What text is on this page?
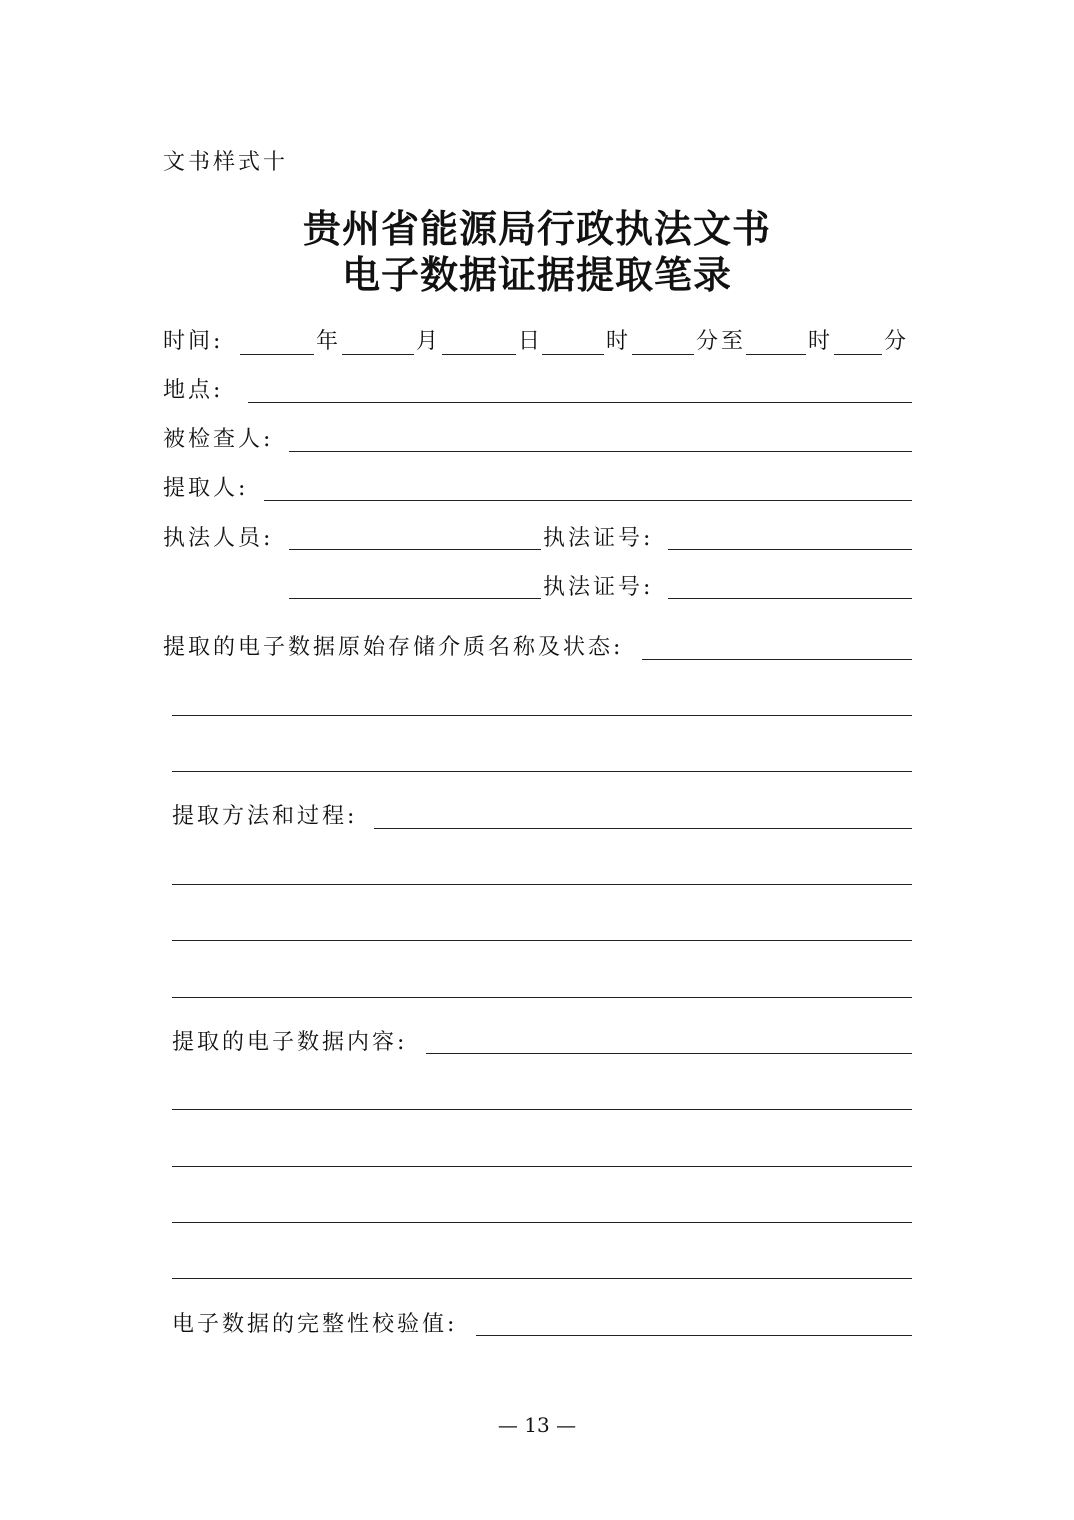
文书样式十
贵州省能源局行政执法文书
电子数据证据提取笔录
时间:	年	月	日	时	分至	时 分
地点:
被检查人:
提取人:
执法人员:	执法证号:
执法证号:
提取的电子数据原始存储介质名称及状态:
提取方法和过程:
提取的电子数据内容:
电子数据的完整性校验值:
— 13 —
